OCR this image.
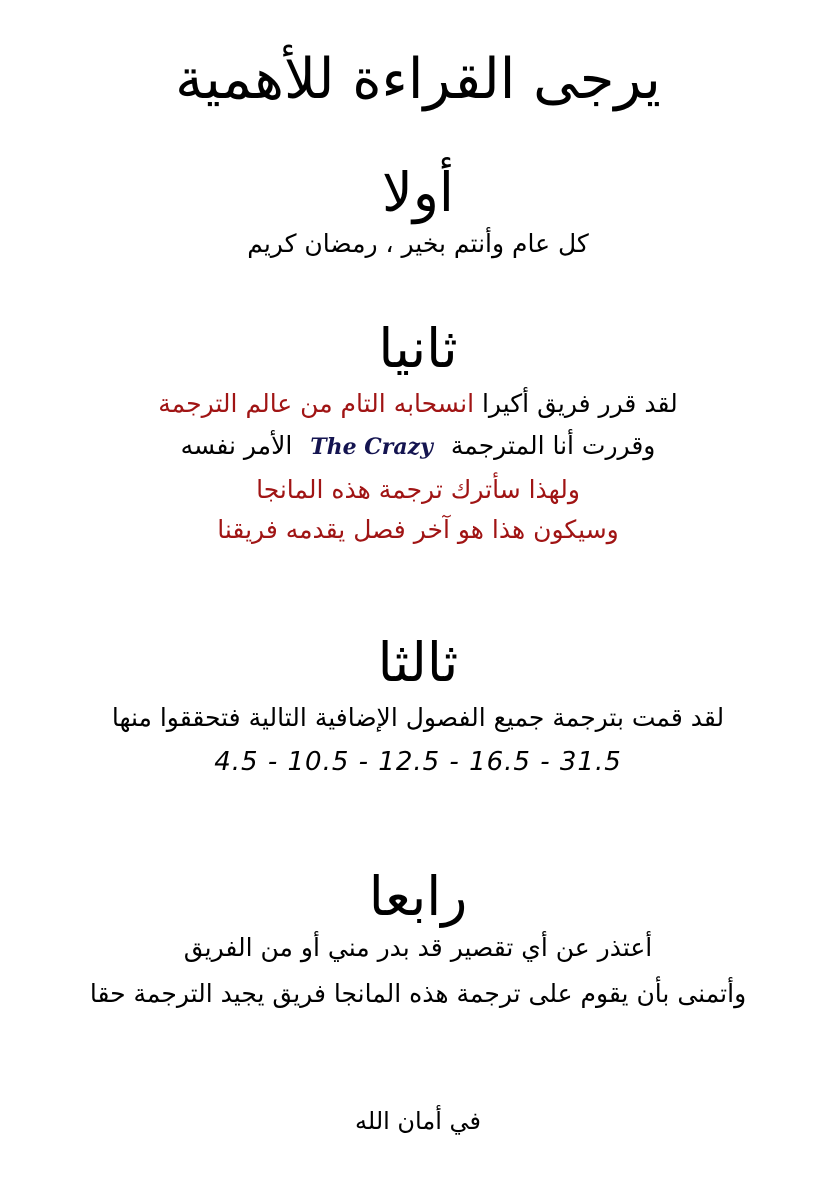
يرجى القراءة للأهمية
أولا
كل عام وأنتم بخير ، رمضان كريم
ثانيا
لقد قرر فريق أكيرا انسحابه التام من عالم الترجمة
وقررت أنا المترجمة The Crazy الأمر نفسه
ولهذا سأترك ترجمة هذه المانجا
وسيكون هذا هو آخر فصل يقدمه فريقنا
ثالثا
لقد قمت بترجمة جميع الفصول الإضافية التالية فتحققوا منها
4.5 - 10.5 - 12.5 - 16.5 - 31.5
رابعا
أعتذر عن أي تقصير قد بدر مني أو من الفريق
وأتمنى بأن يقوم على ترجمة هذه المانجا فريق يجيد الترجمة حقا
في أمان الله
